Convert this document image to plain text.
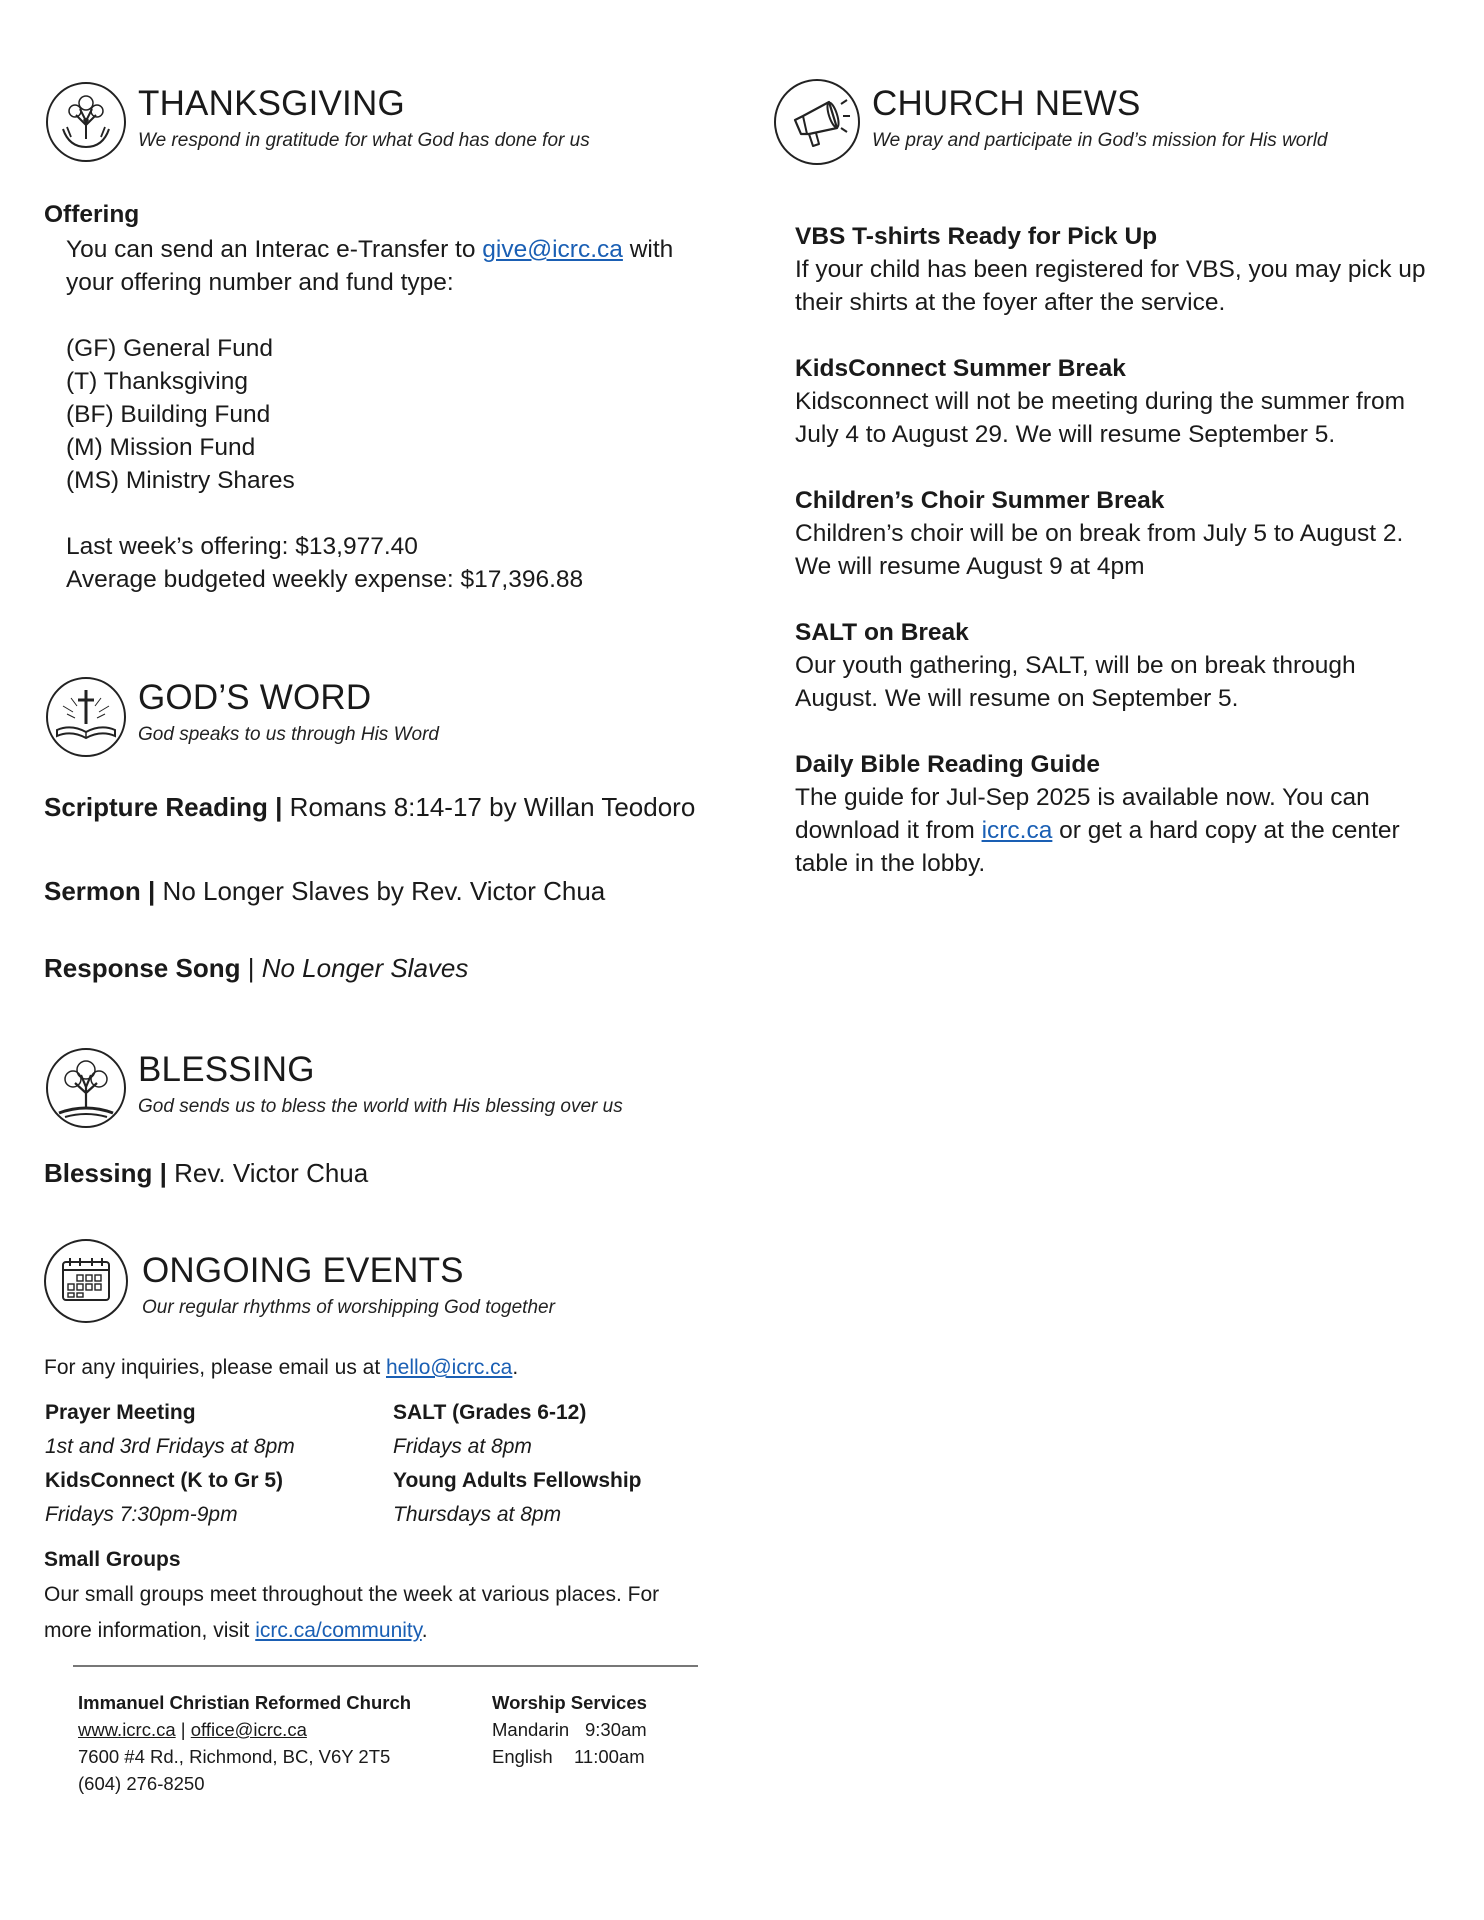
THANKSGIVING
We respond in gratitude for what God has done for us
Offering
You can send an Interac e-Transfer to give@icrc.ca with
your offering number and fund type:
(GF) General Fund
(T) Thanksgiving
(BF) Building Fund
(M) Mission Fund
(MS) Ministry Shares
Last week’s offering: $13,977.40
Average budgeted weekly expense: $17,396.88
GOD’S WORD
God speaks to us through His Word
Scripture Reading | Romans 8:14-17 by Willan Teodoro
Sermon | No Longer Slaves by Rev. Victor Chua
Response Song | No Longer Slaves
BLESSING
God sends us to bless the world with His blessing over us
Blessing | Rev. Victor Chua
ONGOING EVENTS
Our regular rhythms of worshipping God together
For any inquiries, please email us at hello@icrc.ca.
Prayer Meeting
1st and 3rd Fridays at 8pm
SALT (Grades 6-12)
Fridays at 8pm
KidsConnect (K to Gr 5)
Fridays 7:30pm-9pm
Young Adults Fellowship
Thursdays at 8pm
Small Groups
Our small groups meet throughout the week at various places. For
more information, visit icrc.ca/community.
Immanuel Christian Reformed Church
www.icrc.ca | office@icrc.ca
7600 #4 Rd., Richmond, BC, V6Y 2T5
(604) 276-8250
Worship Services
Mandarin 9:30am
English 11:00am
CHURCH NEWS
We pray and participate in God’s mission for His world
VBS T-shirts Ready for Pick Up
If your child has been registered for VBS, you may pick up
their shirts at the foyer after the service.
KidsConnect Summer Break
Kidsconnect will not be meeting during the summer from
July 4 to August 29. We will resume September 5.
Children’s Choir Summer Break
Children’s choir will be on break from July 5 to August 2.
We will resume August 9 at 4pm
SALT on Break
Our youth gathering, SALT, will be on break through
August. We will resume on September 5.
Daily Bible Reading Guide
The guide for Jul-Sep 2025 is available now. You can
download it from icrc.ca or get a hard copy at the center
table in the lobby.
